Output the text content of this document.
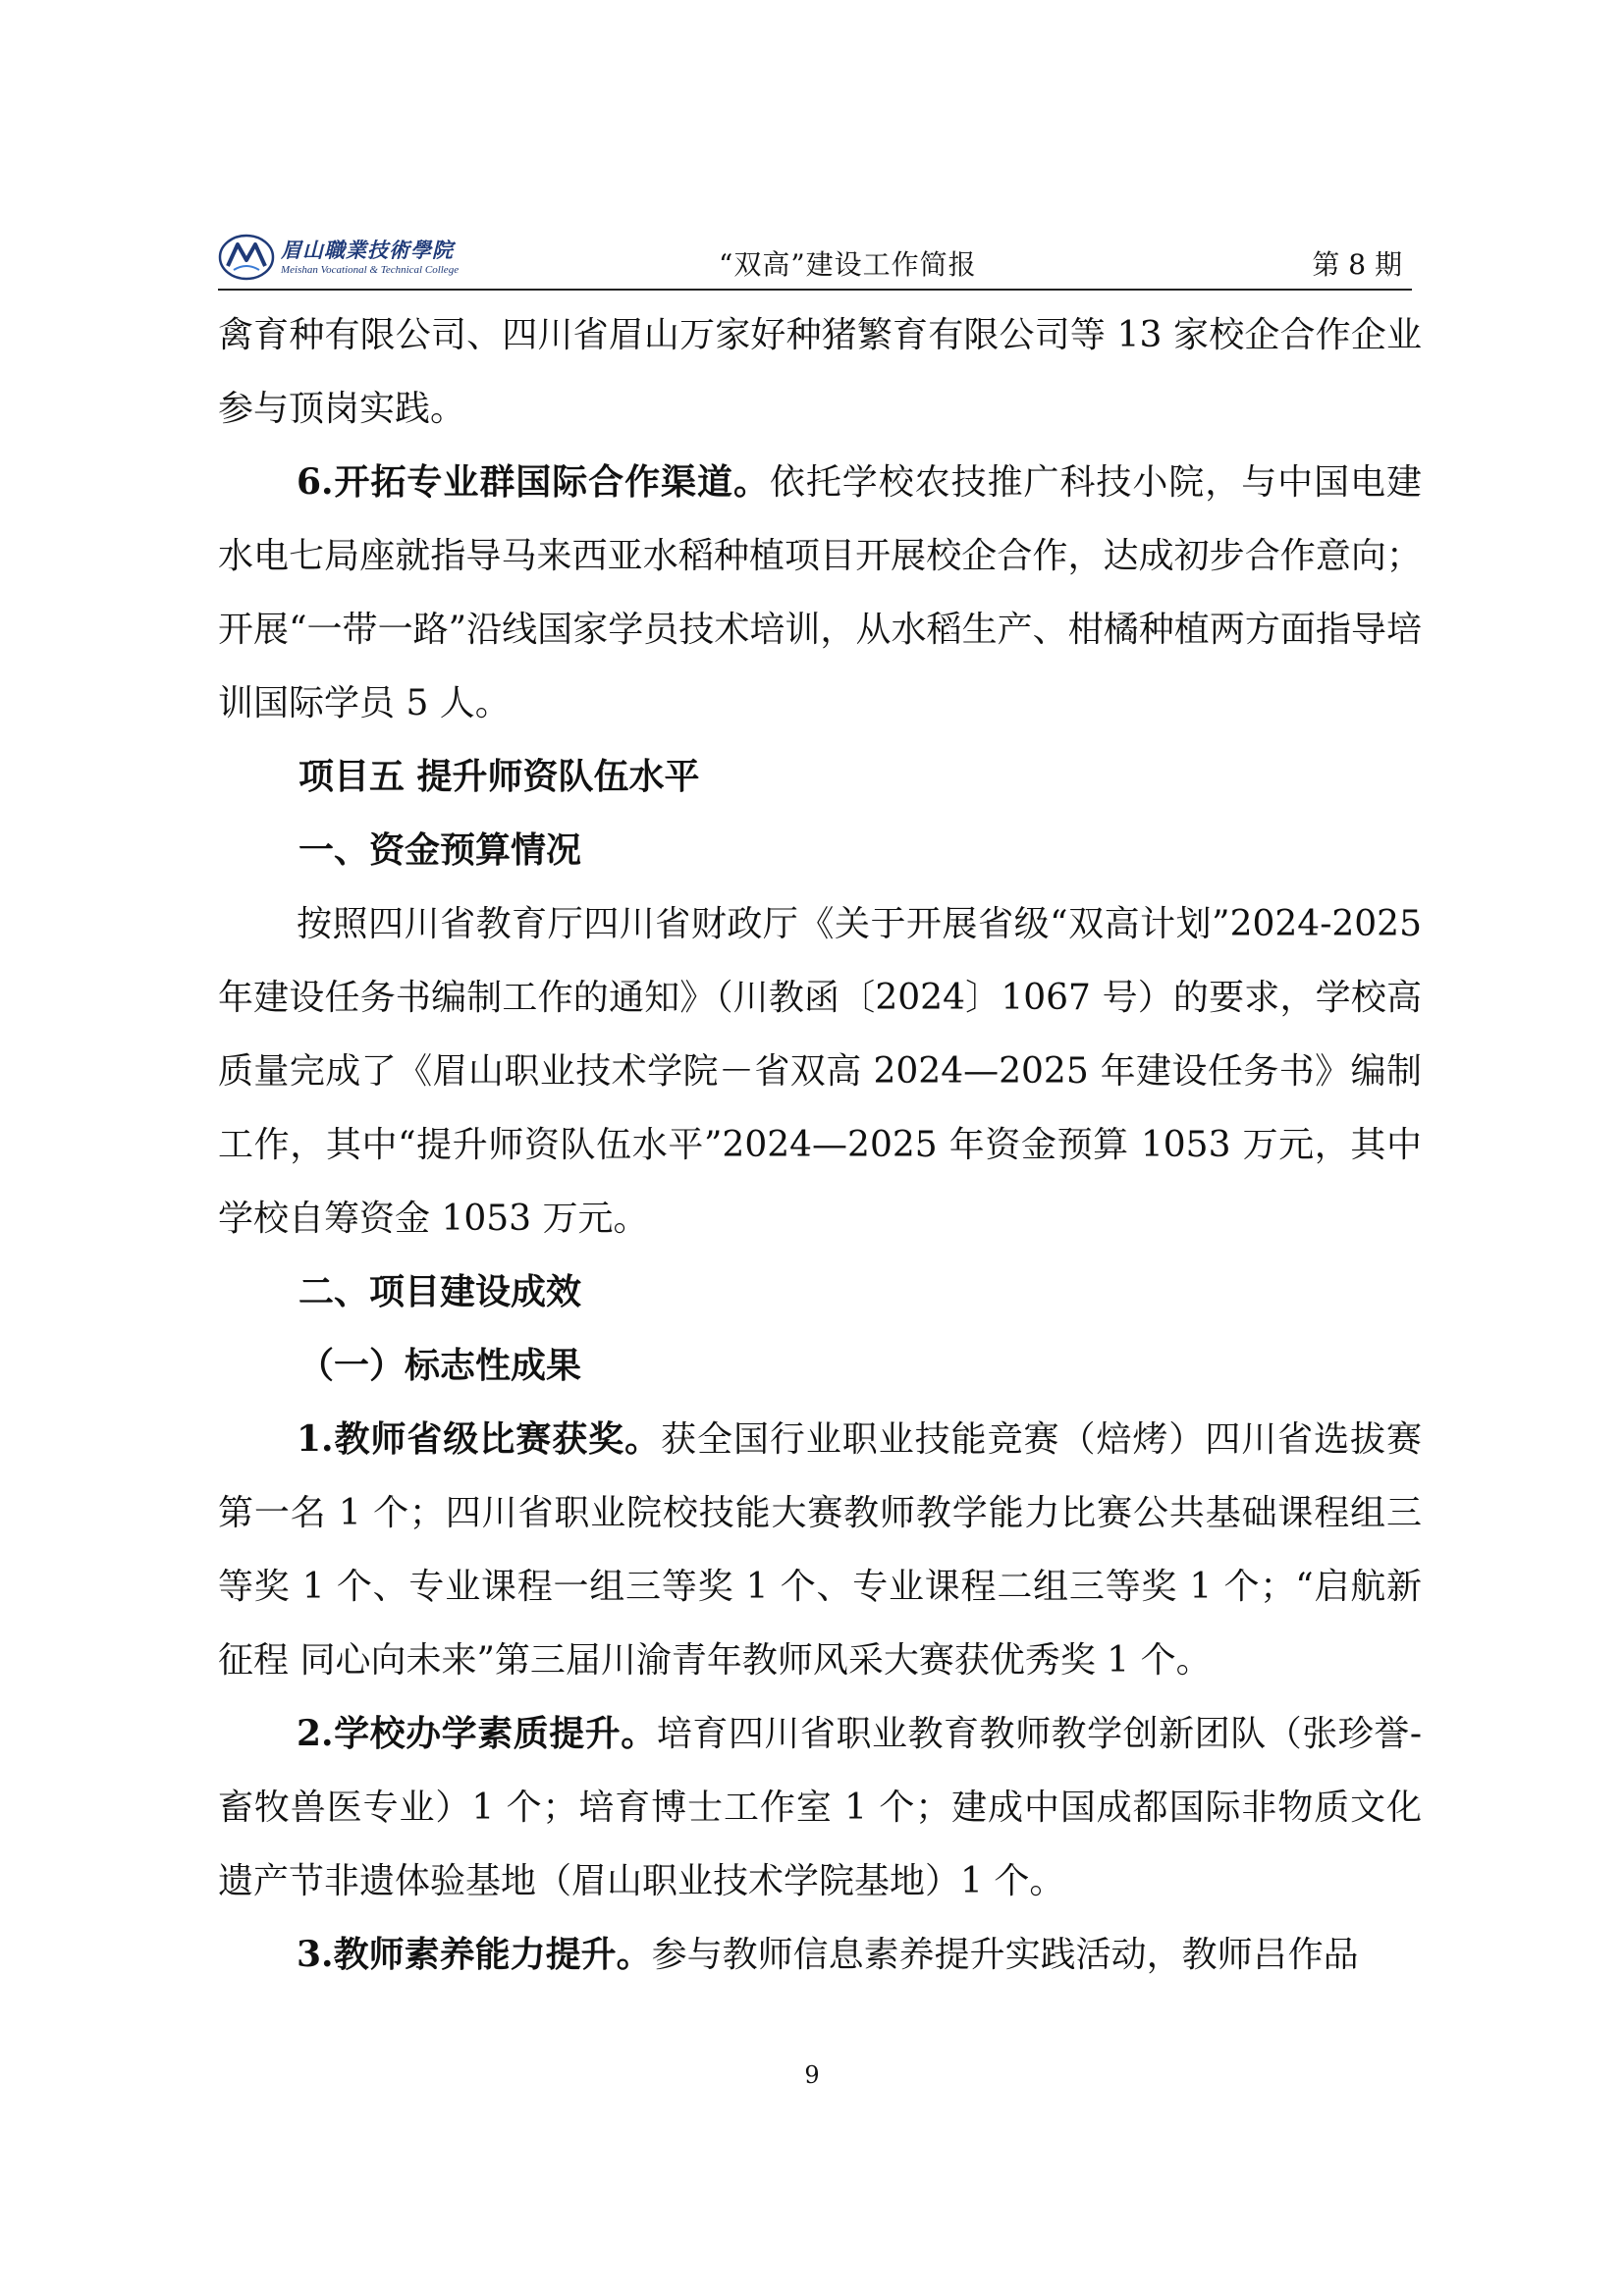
眉山職業技術學院
Meishan Vocational & Technical College	“双高”建设工作简报	第 8 期

禽育种有限公司、四川省眉山万家好种猪繁育有限公司等 13 家校企合作企业参与顶岗实践。

6.开拓专业群国际合作渠道。依托学校农技推广科技小院，与中国电建水电七局座就指导马来西亚水稻种植项目开展校企合作，达成初步合作意向；开展“一带一路”沿线国家学员技术培训，从水稻生产、柑橘种植两方面指导培训国际学员 5 人。

项目五 提升师资队伍水平

一、资金预算情况

按照四川省教育厅四川省财政厅《关于开展省级“双高计划”2024-2025 年建设任务书编制工作的通知》（川教函〔2024〕1067 号）的要求，学校高质量完成了《眉山职业技术学院－省双高 2024—2025 年建设任务书》编制工作，其中“提升师资队伍水平”2024—2025 年资金预算 1053 万元，其中学校自筹资金 1053 万元。

二、项目建设成效

（一）标志性成果

1.教师省级比赛获奖。获全国行业职业技能竞赛（焙烤）四川省选拔赛第一名 1 个；四川省职业院校技能大赛教师教学能力比赛公共基础课程组三等奖 1 个、专业课程一组三等奖 1 个、专业课程二组三等奖 1 个；“启航新征程 同心向未来”第三届川渝青年教师风采大赛获优秀奖 1 个。

2.学校办学素质提升。培育四川省职业教育教师教学创新团队（张珍誉-畜牧兽医专业）1 个；培育博士工作室 1 个；建成中国成都国际非物质文化遗产节非遗体验基地（眉山职业技术学院基地）1 个。

3.教师素养能力提升。参与教师信息素养提升实践活动，教师吕作品

9
